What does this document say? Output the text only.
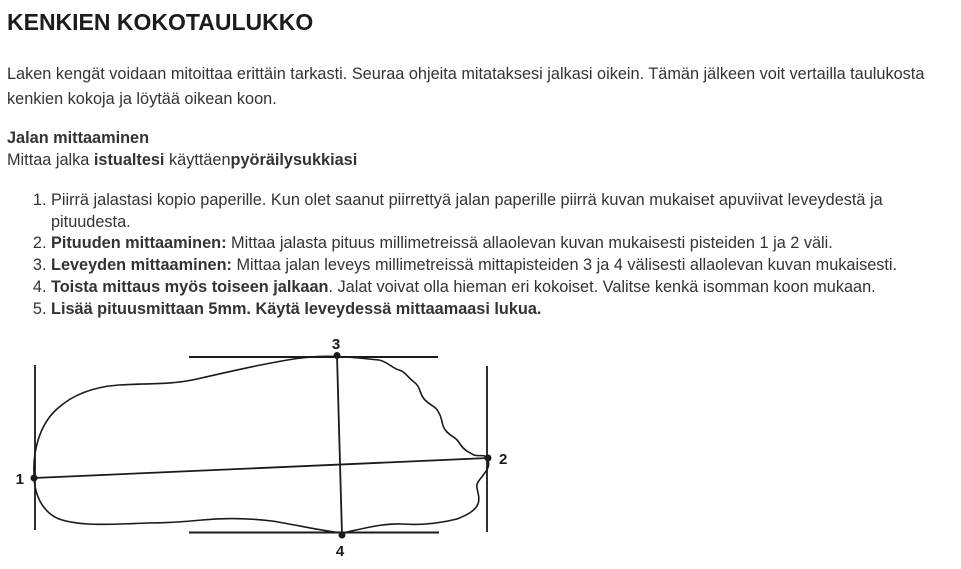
KENKIEN KOKOTAULUKKO

Laken kengät voidaan mitoittaa erittäin tarkasti. Seuraa ohjeita mitataksesi jalkasi oikein. Tämän jälkeen voit vertailla taulukosta kenkien kokoja ja löytää oikean koon.

Jalan mittaaminen
Mittaa jalka istualtesi käyttäenpyöräilysukkiasi
1. Piirrä jalastasi kopio paperille. Kun olet saanut piirrettyä jalan paperille piirrä kuvan mukaiset apuviivat leveydestä ja pituudesta.
2. Pituuden mittaaminen: Mittaa jalasta pituus millimetreissä allaolevan kuvan mukaisesti pisteiden 1 ja 2 väli.
3. Leveyden mittaaminen: Mittaa jalan leveys millimetreissä mittapisteiden 3 ja 4 välisesti allaolevan kuvan mukaisesti.
4. Toista mittaus myös toiseen jalkaan. Jalat voivat olla hieman eri kokoiset. Valitse kenkä isomman koon mukaan.
5. Lisää pituusmittaan 5mm. Käytä leveydessä mittaamaasi lukua.
1
2
3
4
